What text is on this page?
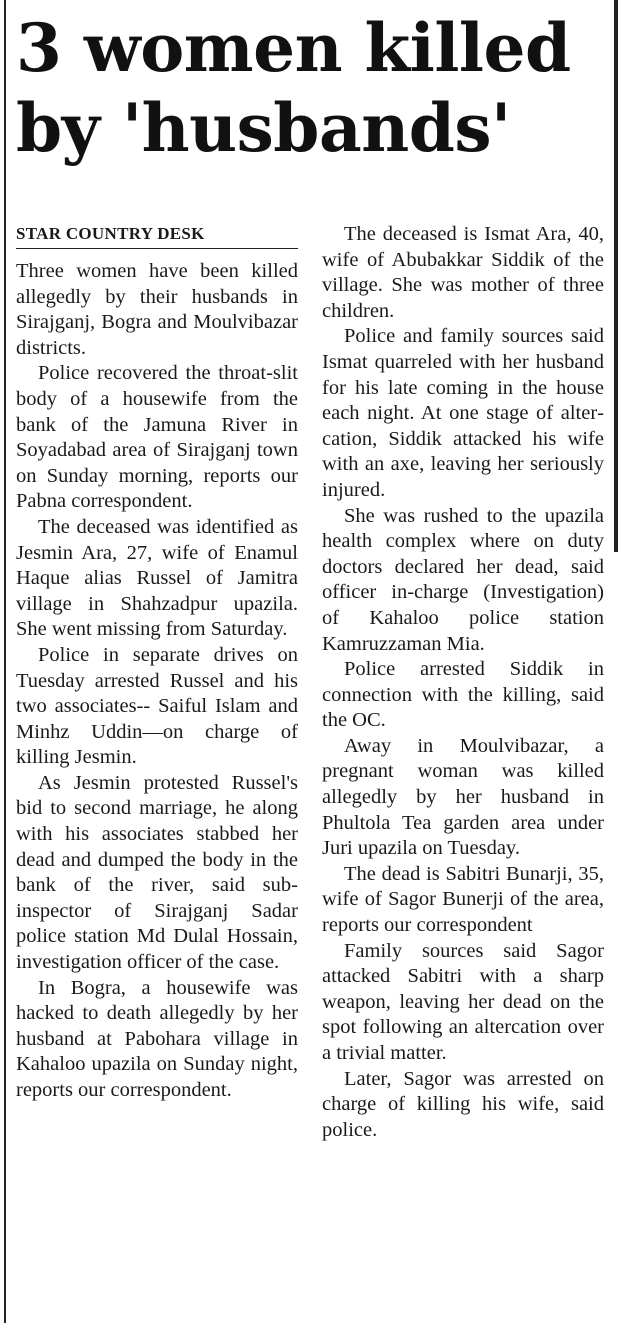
3 women killed
by 'husbands'
STAR COUNTRY DESK

Three women have been killed allegedly by their husbands in Sirajganj, Bogra and Moulvibazar districts.

Police recovered the throat-slit body of a housewife from the bank of the Jamuna River in Soyadabad area of Sirajganj town on Sunday morning, reports our Pabna correspondent.

The deceased was identified as Jesmin Ara, 27, wife of Enamul Haque alias Russel of Jamitra village in Shahzadpur upazila. She went missing from Saturday.

Police in separate drives on Tuesday arrested Russel and his two associates-- Saiful Islam and Minhz Uddin—on charge of killing Jesmin.

As Jesmin protested Russel's bid to second marriage, he along with his associates stabbed her dead and dumped the body in the bank of the river, said subinspector of Sirajganj Sadar police station Md Dulal Hossain, investigation officer of the case.

In Bogra, a housewife was hacked to death allegedly by her husband at Pabohara village in Kahaloo upazila on Sunday night, reports our correspondent.

The deceased is Ismat Ara, 40, wife of Abubakkar Siddik of the village. She was mother of three children.

Police and family sources said Ismat quarreled with her husband for his late coming in the house each night. At one stage of altercation, Siddik attacked his wife with an axe, leaving her seriously injured.

She was rushed to the upazila health complex where on duty doctors declared her dead, said officer in-charge (Investigation) of Kahaloo police station Kamruzzaman Mia.

Police arrested Siddik in connection with the killing, said the OC.

Away in Moulvibazar, a pregnant woman was killed allegedly by her husband in Phultola Tea garden area under Juri upazila on Tuesday.

The dead is Sabitri Bunarji, 35, wife of Sagor Bunerji of the area, reports our correspondent

Family sources said Sagor attacked Sabitri with a sharp weapon, leaving her dead on the spot following an altercation over a trivial matter.

Later, Sagor was arrested on charge of killing his wife, said police.
